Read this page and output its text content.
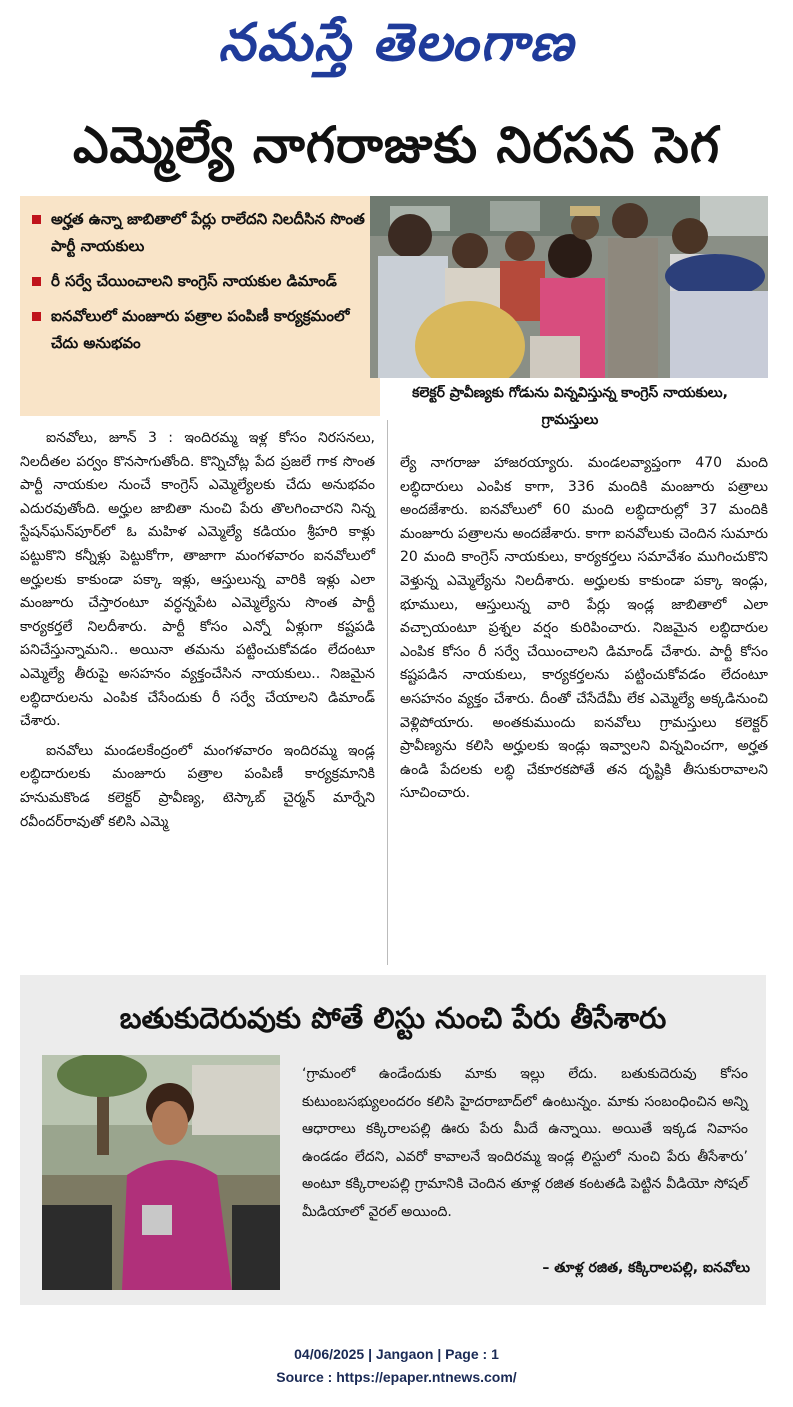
నమస్తే తెలంగాణ
ఎమ్మెల్యే నాగరాజుకు నిరసన సెగ
అర్హత ఉన్నా జాబితాలో పేర్లు రాలేదని నిలదీసిన సొంత పార్టీ నాయకులు
రీ సర్వే చేయించాలని కాంగ్రెస్ నాయకుల డిమాండ్
ఐనవోలులో మంజూరు పత్రాల పంపిణీ కార్యక్రమంలో చేదు అనుభవం
కలెక్టర్ ప్రావీణ్యకు గోడును విన్నవిస్తున్న కాంగ్రెస్ నాయకులు, గ్రామస్తులు

ఐనవోలు, జూన్ 3 : ఇందిరమ్మ ఇళ్ల కోసం నిరసనలు, నిలదీతల పర్వం కొనసాగుతోంది. కొన్నిచోట్ల పేద ప్రజలే గాక సొంత పార్టీ నాయకుల నుంచే కాంగ్రెస్ ఎమ్మెల్యేలకు చేదు అనుభవం ఎదురవుతోంది. అర్హుల జాబితా నుంచి పేరు తొలగించారని నిన్న స్టేషన్‌ఘన్‌పూర్‌లో ఓ మహిళ ఎమ్మెల్యే కడియం శ్రీహరి కాళ్లు పట్టుకొని కన్నీళ్లు పెట్టుకోగా, తాజాగా మంగళవారం ఐనవోలులో అర్హులకు కాకుండా పక్కా ఇళ్లు, ఆస్తులున్న వారికి ఇళ్లు ఎలా మంజూరు చేస్తారంటూ వర్ధన్నపేట ఎమ్మెల్యేను సొంత పార్టీ కార్యకర్తలే నిలదీశారు. పార్టీ కోసం ఎన్నో ఏళ్లుగా కష్టపడి పనిచేస్తున్నామని.. అయినా తమను పట్టించుకోవడం లేదంటూ ఎమ్మెల్యే తీరుపై అసహనం వ్యక్తంచేసిన నాయకులు.. నిజమైన లబ్ధిదారులను ఎంపిక చేసేందుకు రీ సర్వే చేయాలని డిమాండ్ చేశారు.

ఐనవోలు మండలకేంద్రంలో మంగళవారం ఇందిరమ్మ ఇండ్ల లబ్ధిదారులకు మంజూరు పత్రాల పంపిణీ కార్యక్రమానికి హనుమకొండ కలెక్టర్ ప్రావీణ్య, టెస్కాబ్ చైర్మన్ మార్నేని రవీందర్‌రావుతో కలిసి ఎమ్మె

ల్యే నాగరాజు హాజరయ్యారు. మండలవ్యాప్తంగా 470 మంది లబ్ధిదారులు ఎంపిక కాగా, 336 మందికి మంజూరు పత్రాలు అందజేశారు. ఐనవోలులో 60 మంది లబ్ధిదారుల్లో 37 మందికి మంజూరు పత్రాలను అందజేశారు. కాగా ఐనవోలుకు చెందిన సుమారు 20 మంది కాంగ్రెస్ నాయకులు, కార్యకర్తలు సమావేశం ముగించుకొని వెళ్తున్న ఎమ్మెల్యేను నిలదీశారు. అర్హులకు కాకుండా పక్కా ఇండ్లు, భూములు, ఆస్తులున్న వారి పేర్లు ఇండ్ల జాబితాలో ఎలా వచ్చాయంటూ ప్రశ్నల వర్షం కురిపించారు. నిజమైన లబ్ధిదారుల ఎంపిక కోసం రీ సర్వే చేయించాలని డిమాండ్ చేశారు. పార్టీ కోసం కష్టపడిన నాయకులు, కార్యకర్తలను పట్టించుకోవడం లేదంటూ అసహనం వ్యక్తం చేశారు. దీంతో చేసేదేమీ లేక ఎమ్మెల్యే అక్కడినుంచి వెళ్లిపోయారు. అంతకుముందు ఐనవోలు గ్రామస్తులు కలెక్టర్ ప్రావీణ్యను కలిసి అర్హులకు ఇండ్లు ఇవ్వాలని విన్నవించగా, అర్హత ఉండి పేదలకు లబ్ధి చేకూరకపోతే తన దృష్టికి తీసుకురావాలని సూచించారు.

బతుకుదెరువుకు పోతే లిస్టు నుంచి పేరు తీసేశారు
‘గ్రామంలో ఉండేందుకు మాకు ఇల్లు లేదు. బతుకుదెరువు కోసం కుటుంబసభ్యులందరం కలిసి హైదరాబాద్‌లో ఉంటున్నం. మాకు సంబంధించిన అన్ని ఆధారాలు కక్కిరాలపల్లి ఊరు పేరు మీదే ఉన్నాయి. అయితే ఇక్కడ నివాసం ఉండడం లేదని, ఎవరో కావాలనే ఇందిరమ్మ ఇండ్ల లిస్టులో నుంచి పేరు తీసేశారు’ అంటూ కక్కిరాలపల్లి గ్రామానికి చెందిన తూళ్ల రజిత కంటతడి పెట్టిన వీడియో సోషల్ మీడియాలో వైరల్ అయింది.
– తూళ్ల రజిత, కక్కిరాలపల్లి, ఐనవోలు
04/06/2025 | Jangaon | Page : 1
Source : https://epaper.ntnews.com/
